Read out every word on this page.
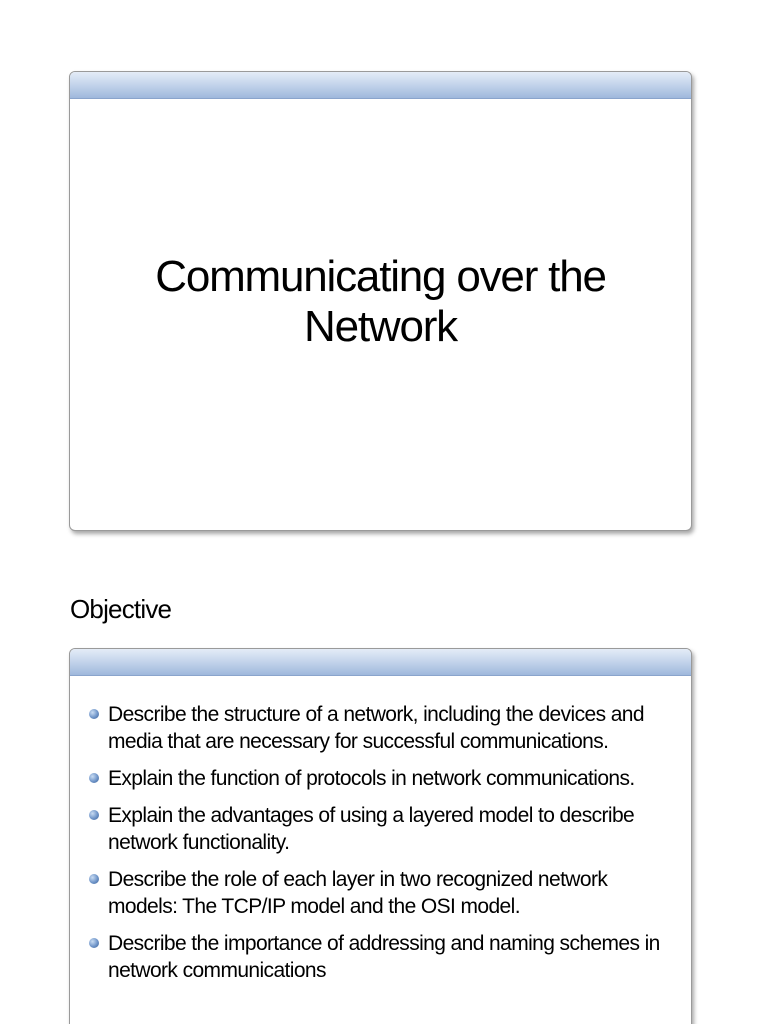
Communicating over the
Network
Objective
Describe the structure of a network, including the devices and media that are necessary for successful communications.
Explain the function of protocols in network communications.
Explain the advantages of using a layered model to describe network functionality.
Describe the role of each layer in two recognized network models: The TCP/IP model and the OSI model.
Describe the importance of addressing and naming schemes in network communications
